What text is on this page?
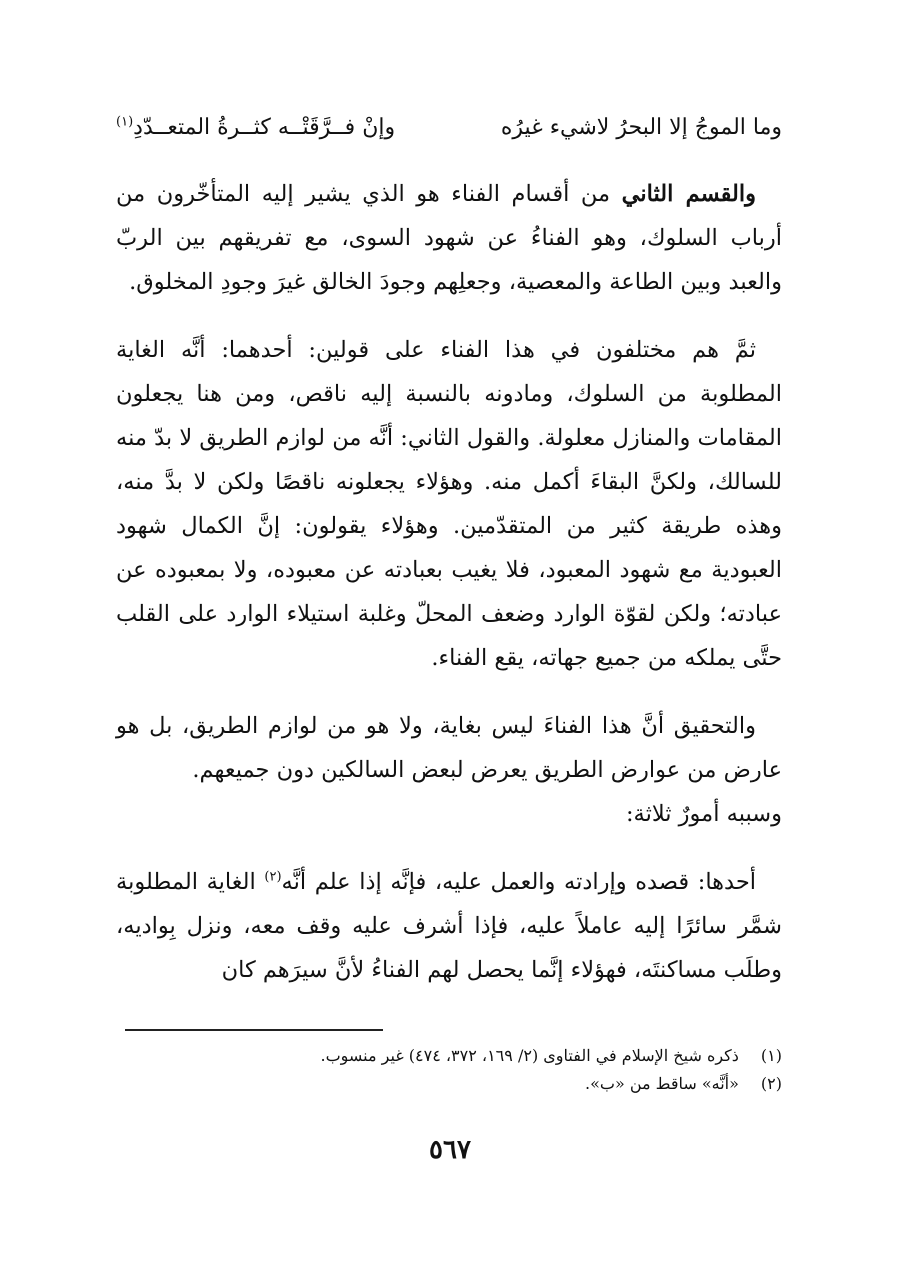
وما الموجُ إلا البحرُ لاشيء غيرُه
وإنْ فــرَّقَتْــه كثــرةُ المتعــدّدِ$^{(١)}$

والقسم الثاني من أقسام الفناء هو الذي يشير إليه المتأخّرون من أرباب السلوك، وهو الفناءُ عن شهود السوى، مع تفريقهم بين الربّ والعبد وبين الطاعة والمعصية، وجعلِهم وجودَ الخالق غيرَ وجودِ المخلوق.

ثمَّ هم مختلفون في هذا الفناء على قولين: أحدهما: أنَّه الغاية المطلوبة من السلوك، ومادونه بالنسبة إليه ناقص، ومن هنا يجعلون المقامات والمنازل معلولة. والقول الثاني: أنَّه من لوازم الطريق لا بدّ منه للسالك، ولكنَّ البقاءَ أكمل منه. وهؤلاء يجعلونه ناقصًا ولكن لا بدَّ منه، وهذه طريقة كثير من المتقدّمين. وهؤلاء يقولون: إنَّ الكمال شهود العبودية مع شهود المعبود، فلا يغيب بعبادته عن معبوده، ولا بمعبوده عن عبادته؛ ولكن لقوّة الوارد وضعف المحلّ وغلبة استيلاء الوارد على القلب حتَّى يملكه من جميع جهاته، يقع الفناء.

والتحقيق أنَّ هذا الفناءَ ليس بغاية، ولا هو من لوازم الطريق، بل هو عارض من عوارض الطريق يعرض لبعض السالكين دون جميعهم.
وسببه أمورٌ ثلاثة:

أحدها: قصده وإرادته والعمل عليه، فإنَّه إذا علم أنَّه$^{(٢)}$ الغاية المطلوبة شمَّر سائرًا إليه عاملاً عليه، فإذا أشرف عليه وقف معه، ونزل بِواديه، وطلَب مساكنتَه، فهؤلاء إنَّما يحصل لهم الفناءُ لأنَّ سيرَهم كان

(١) ذكره شيخ الإسلام في الفتاوى (٢/ ١٦٩، ٣٧٢، ٤٧٤) غير منسوب.
(٢) «أنَّه» ساقط من «ب».
٥٦٧
